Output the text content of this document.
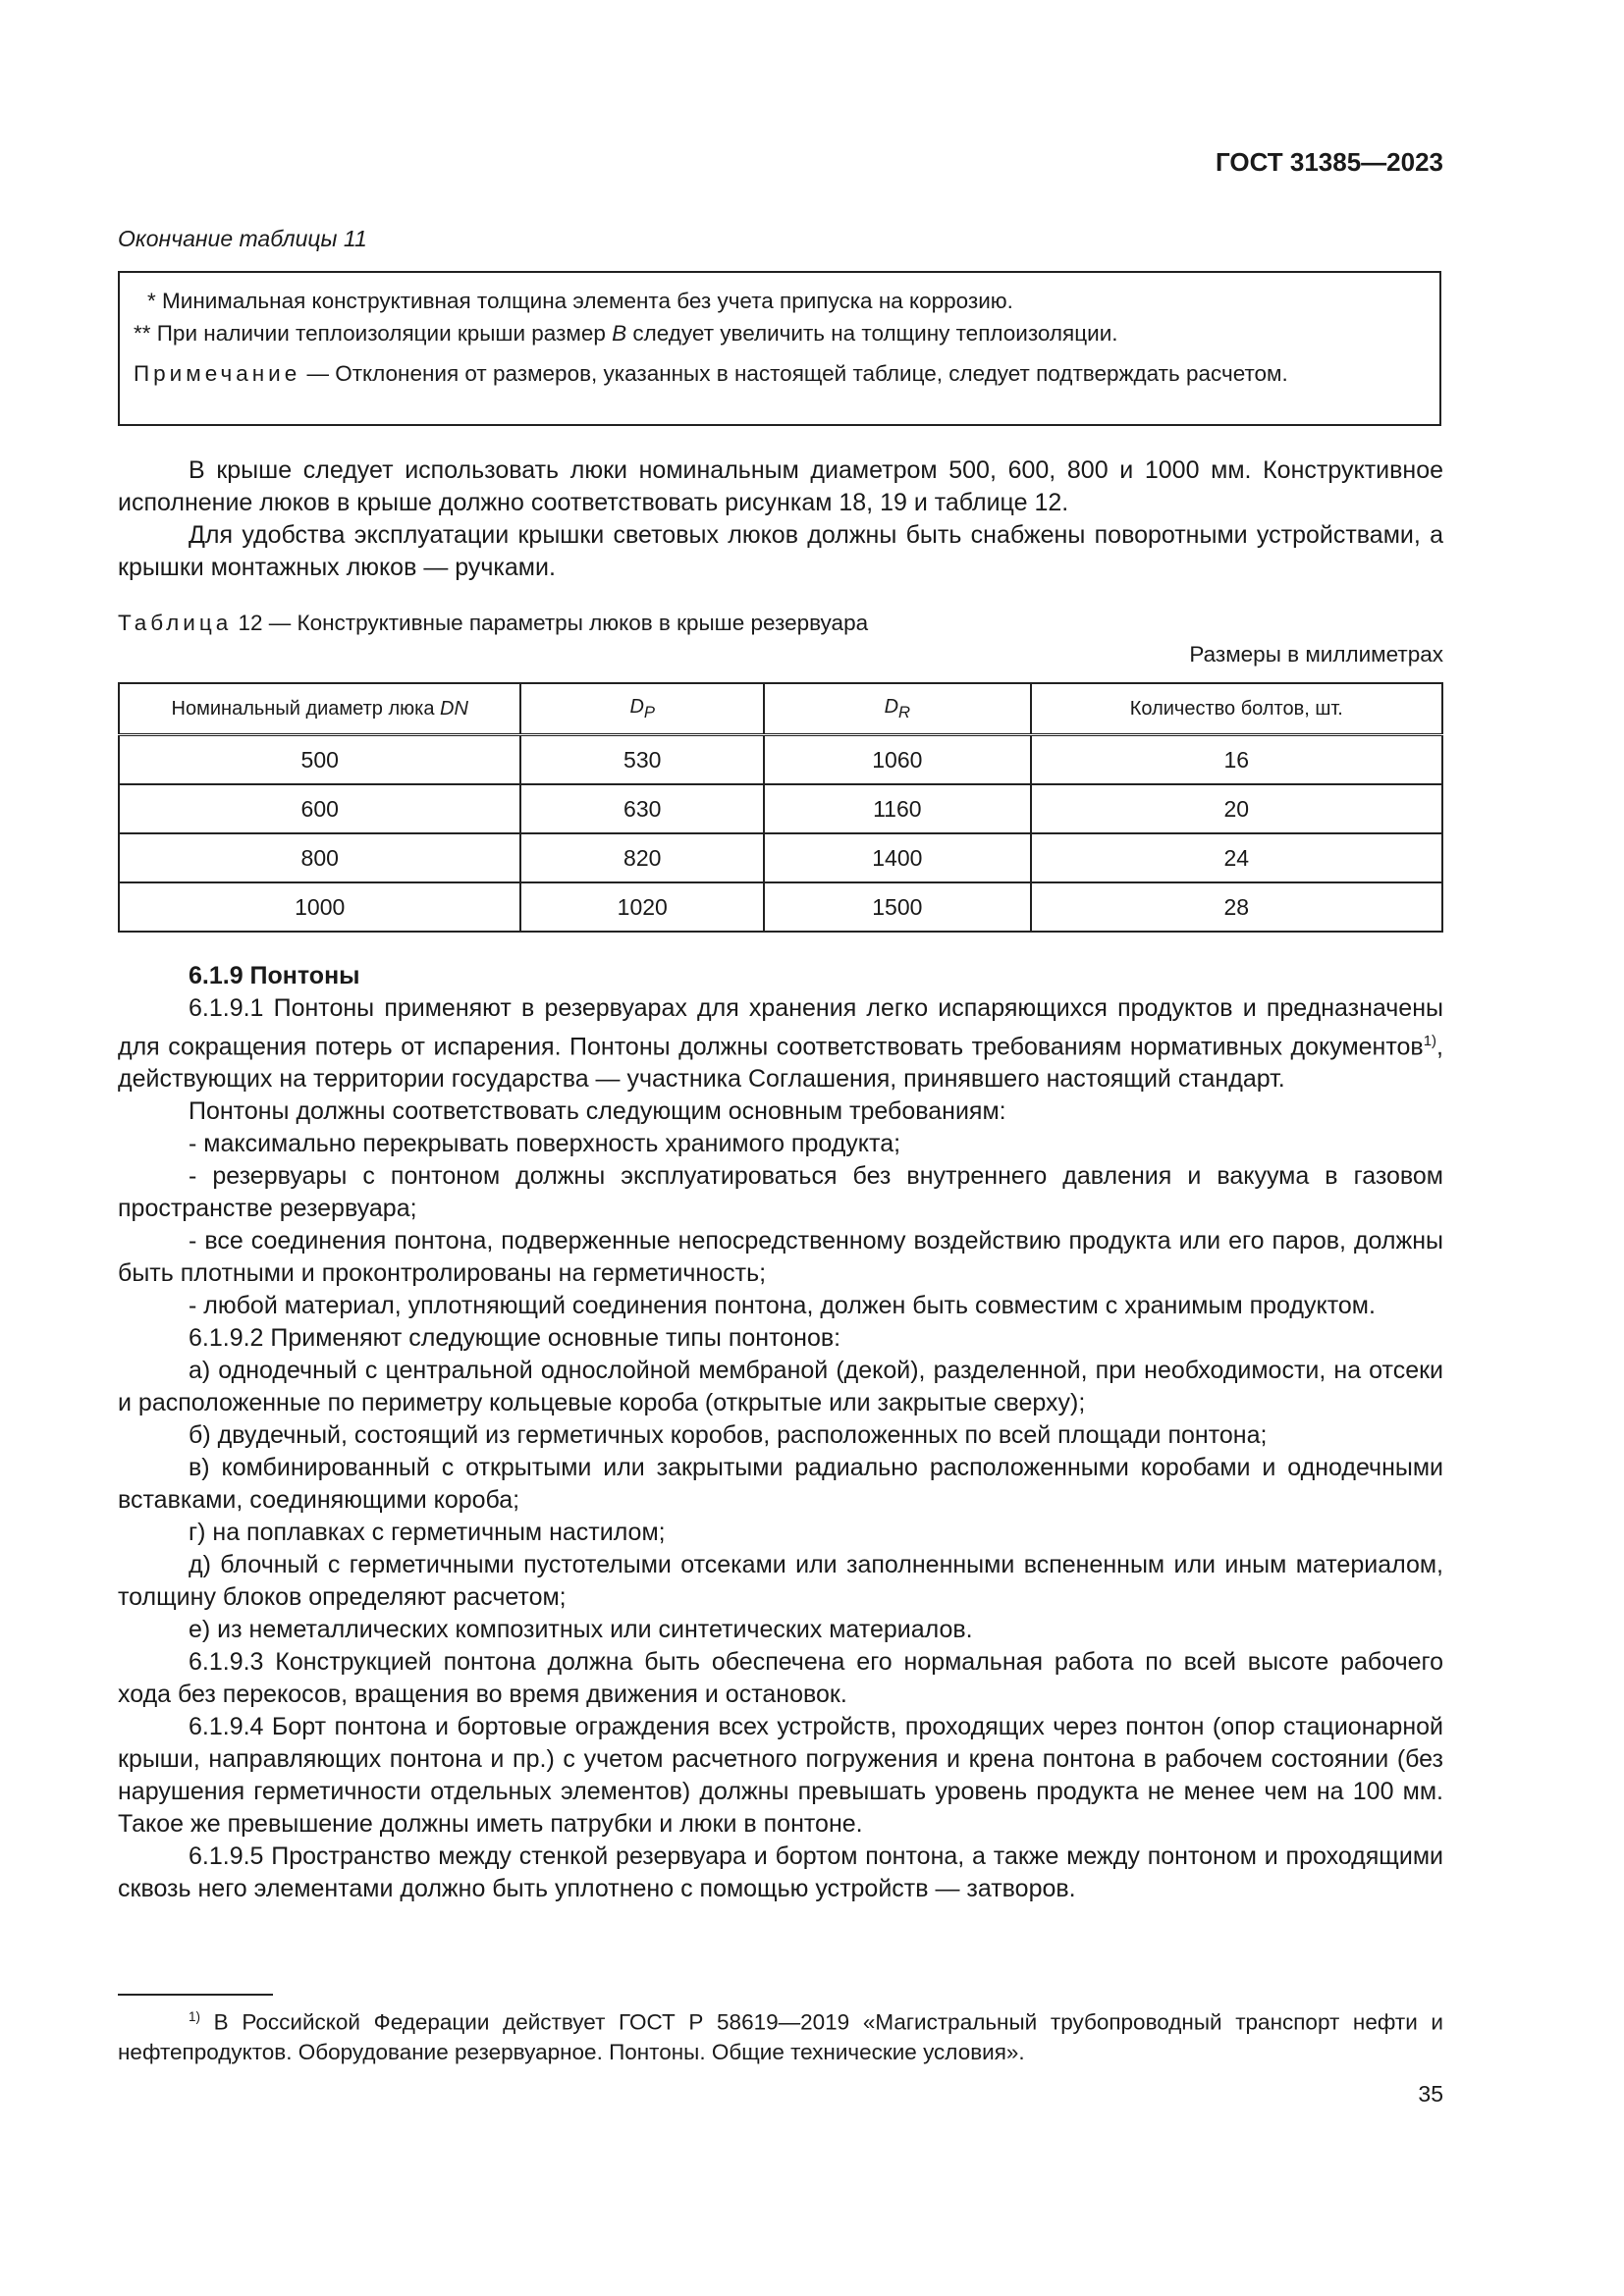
ГОСТ 31385—2023
Окончание таблицы 11
* Минимальная конструктивная толщина элемента без учета припуска на коррозию.
** При наличии теплоизоляции крыши размер В следует увеличить на толщину теплоизоляции.
Примечание — Отклонения от размеров, указанных в настоящей таблице, следует подтверждать расчетом.

В крыше следует использовать люки номинальным диаметром 500, 600, 800 и 1000 мм. Конструктивное исполнение люков в крыше должно соответствовать рисункам 18, 19 и таблице 12.

Для удобства эксплуатации крышки световых люков должны быть снабжены поворотными устройствами, а крышки монтажных люков — ручками.

Таблица 12 — Конструктивные параметры люков в крыше резервуара
Размеры в миллиметрах
Номинальный диаметр люка DN	$D_P$	$D_R$	Количество болтов, шт.
500	530	1060	16
600	630	1160	20
800	820	1400	24
1000	1020	1500	28

6.1.9 Понтоны

6.1.9.1 Понтоны применяют в резервуарах для хранения легко испаряющихся продуктов и предназначены для сокращения потерь от испарения. Понтоны должны соответствовать требованиям нормативных документов$^{1)}$, действующих на территории государства — участника Соглашения, принявшего настоящий стандарт.

Понтоны должны соответствовать следующим основным требованиям:

- максимально перекрывать поверхность хранимого продукта;

- резервуары с понтоном должны эксплуатироваться без внутреннего давления и вакуума в газовом пространстве резервуара;

- все соединения понтона, подверженные непосредственному воздействию продукта или его паров, должны быть плотными и проконтролированы на герметичность;

- любой материал, уплотняющий соединения понтона, должен быть совместим с хранимым продуктом.

6.1.9.2 Применяют следующие основные типы понтонов:

а) однодечный с центральной однослойной мембраной (декой), разделенной, при необходимости, на отсеки и расположенные по периметру кольцевые короба (открытые или закрытые сверху);

б) двудечный, состоящий из герметичных коробов, расположенных по всей площади понтона;

в) комбинированный с открытыми или закрытыми радиально расположенными коробами и однодечными вставками, соединяющими короба;

г) на поплавках с герметичным настилом;

д) блочный с герметичными пустотелыми отсеками или заполненными вспененным или иным материалом, толщину блоков определяют расчетом;

е) из неметаллических композитных или синтетических материалов.

6.1.9.3 Конструкцией понтона должна быть обеспечена его нормальная работа по всей высоте рабочего хода без перекосов, вращения во время движения и остановок.

6.1.9.4 Борт понтона и бортовые ограждения всех устройств, проходящих через понтон (опор стационарной крыши, направляющих понтона и пр.) с учетом расчетного погружения и крена понтона в рабочем состоянии (без нарушения герметичности отдельных элементов) должны превышать уровень продукта не менее чем на 100 мм. Такое же превышение должны иметь патрубки и люки в понтоне.

6.1.9.5 Пространство между стенкой резервуара и бортом понтона, а также между понтоном и проходящими сквозь него элементами должно быть уплотнено с помощью устройств — затворов.

$^{1)}$ В Российской Федерации действует ГОСТ Р 58619—2019 «Магистральный трубопроводный транспорт нефти и нефтепродуктов. Оборудование резервуарное. Понтоны. Общие технические условия».
35
